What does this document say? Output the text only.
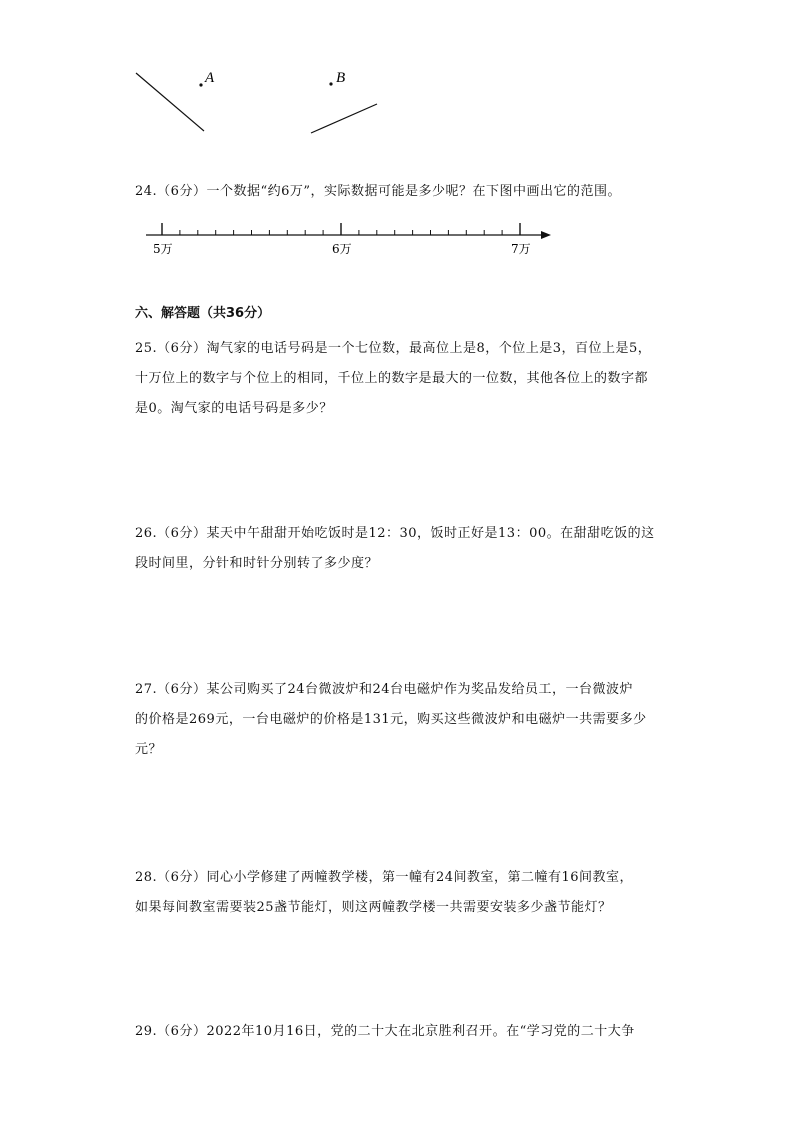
A	B

24.（6分）一个数据“约6万”，实际数据可能是多少呢？在下图中画出它的范围。

5万	6万	7万
六、解答题（共36分）

25.（6分）淘气家的电话号码是一个七位数，最高位上是8，个位上是3，百位上是5，

十万位上的数字与个位上的相同，千位上的数字是最大的一位数，其他各位上的数字都

是0。淘气家的电话号码是多少？

26.（6分）某天中午甜甜开始吃饭时是12：30，饭时正好是13：00。在甜甜吃饭的这

段时间里，分针和时针分别转了多少度？

27.（6分）某公司购买了24台微波炉和24台电磁炉作为奖品发给员工，一台微波炉

的价格是269元，一台电磁炉的价格是131元，购买这些微波炉和电磁炉一共需要多少

元？

28.（6分）同心小学修建了两幢教学楼，第一幢有24间教室，第二幢有16间教室，

如果每间教室需要装25盏节能灯，则这两幢教学楼一共需要安装多少盏节能灯？

29.（6分）2022年10月16日，党的二十大在北京胜利召开。在“学习党的二十大争
